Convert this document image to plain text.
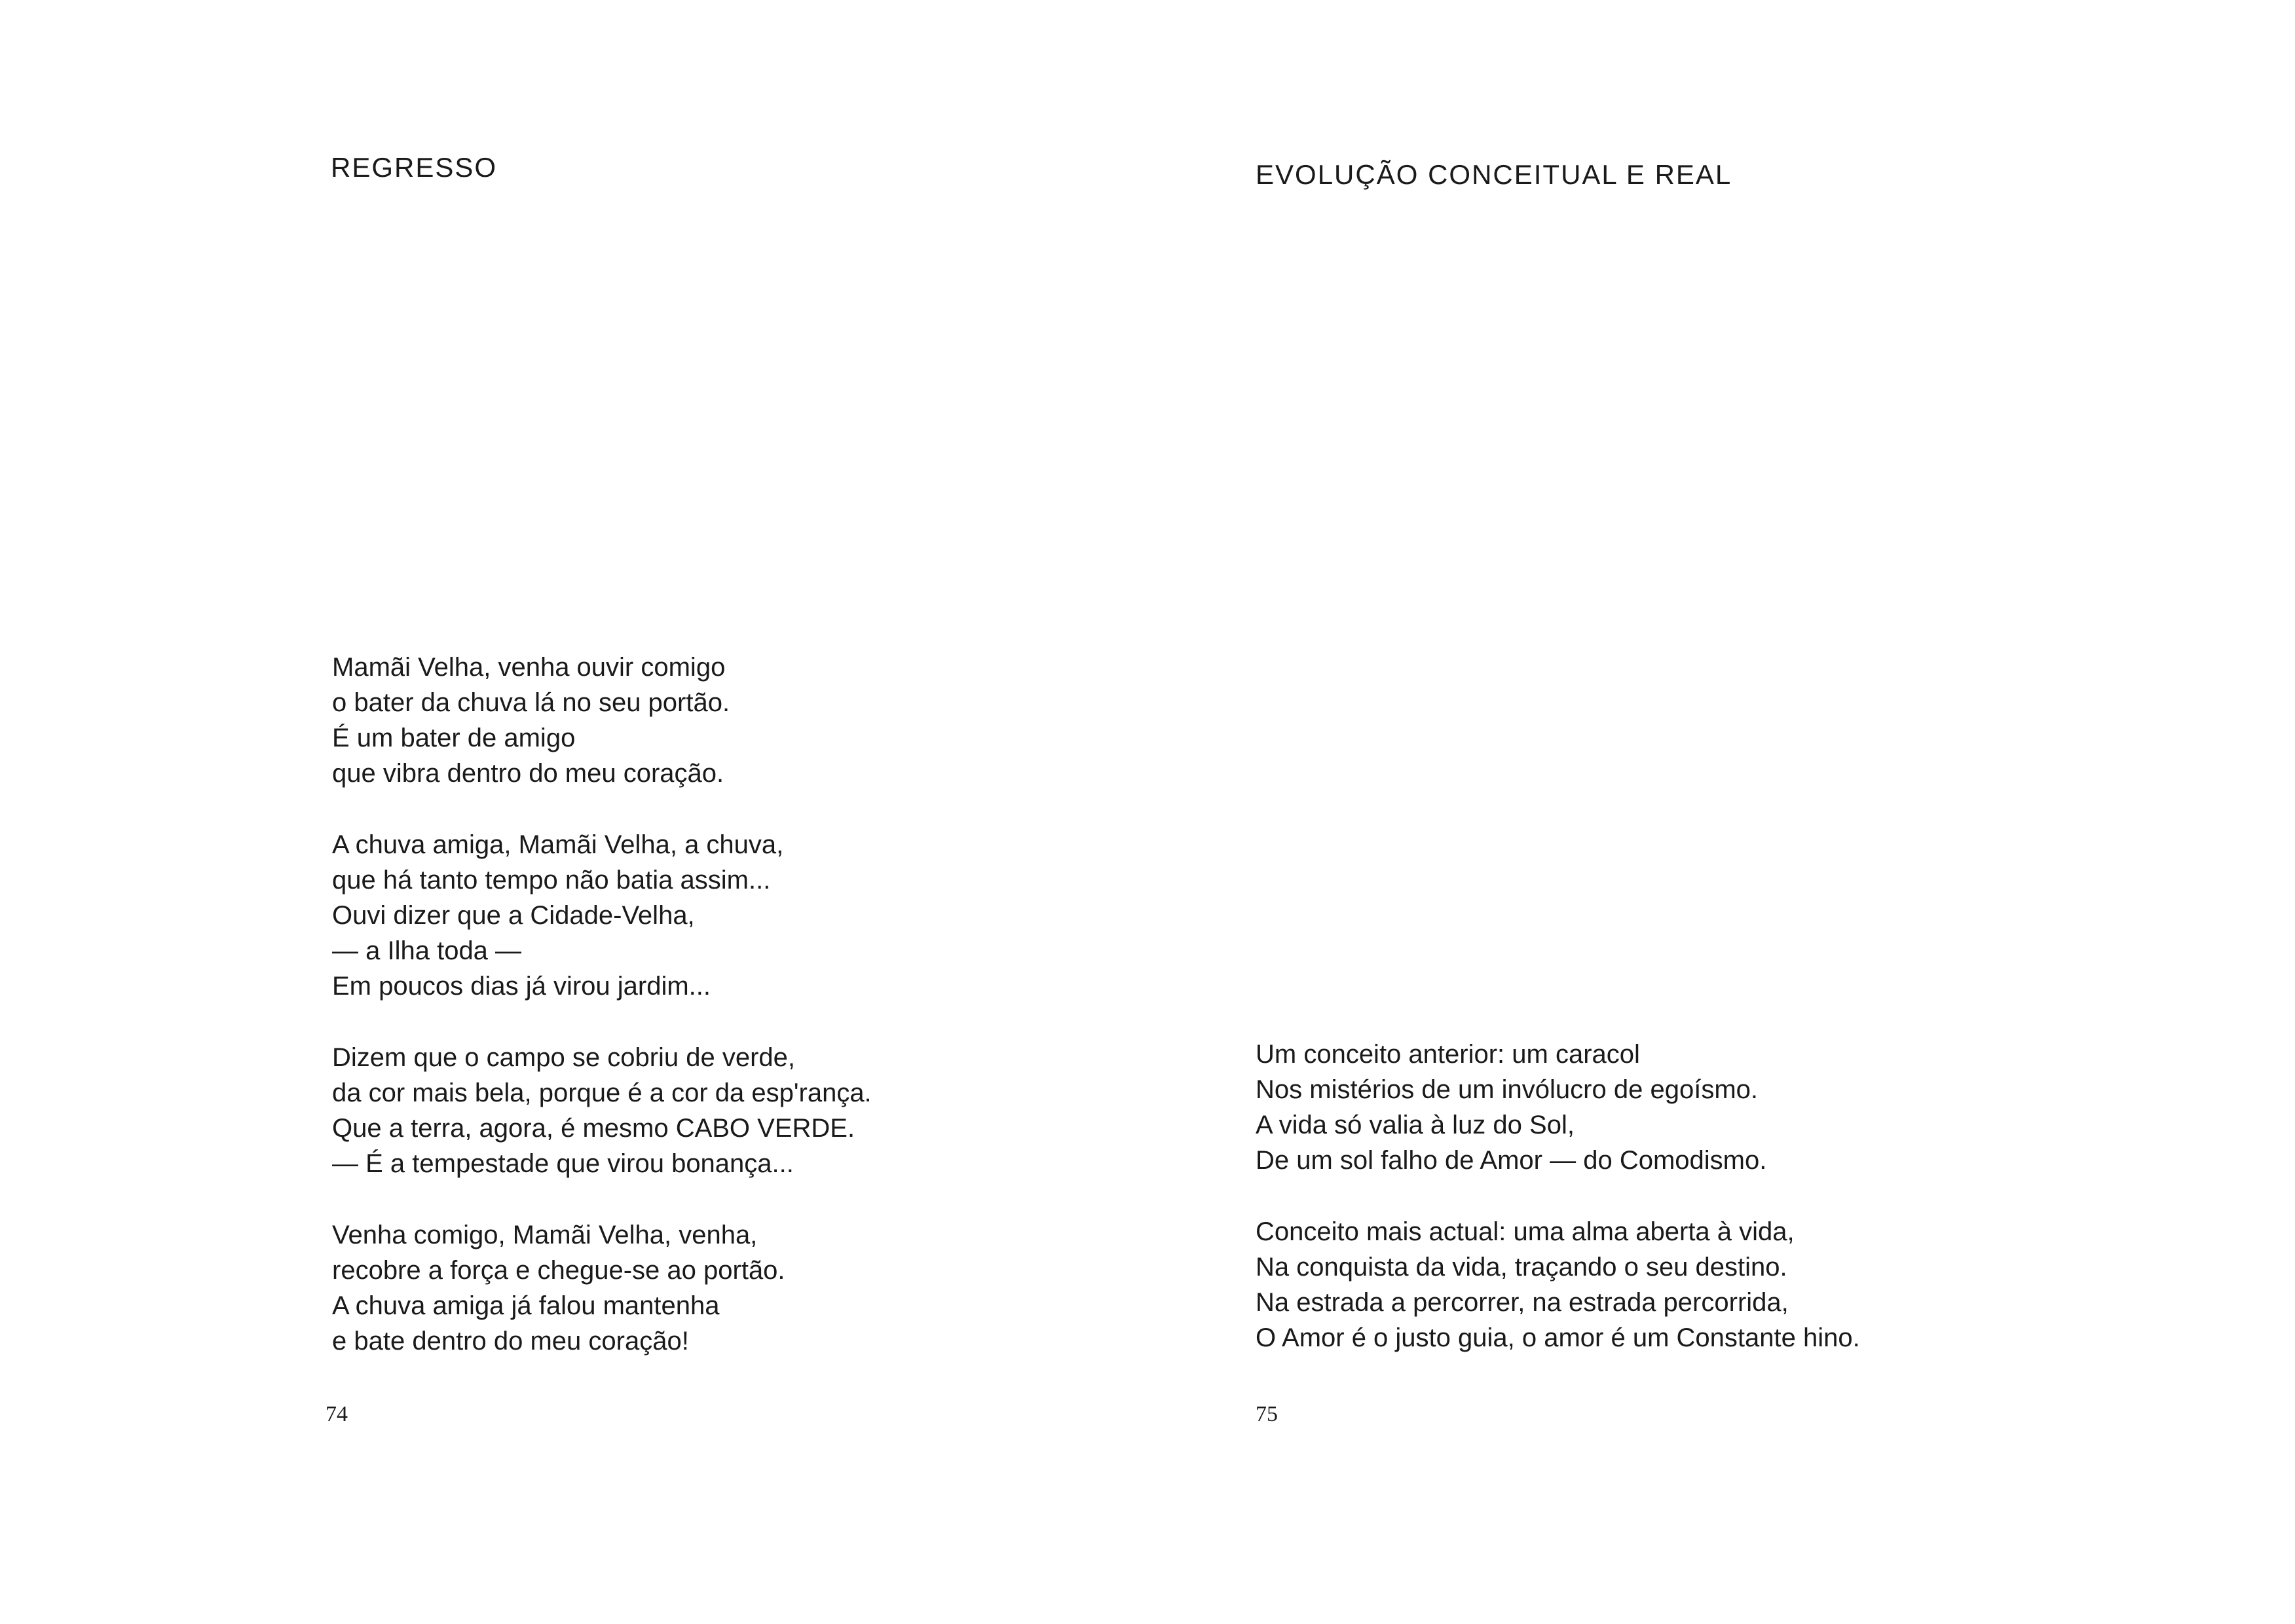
REGRESSO

Mamãi Velha, venha ouvir comigo
o bater da chuva lá no seu portão.
É um bater de amigo
que vibra dentro do meu coração.

A chuva amiga, Mamãi Velha, a chuva,
que há tanto tempo não batia assim...
Ouvi dizer que a Cidade-Velha,
— a Ilha toda —
Em poucos dias já virou jardim...

Dizem que o campo se cobriu de verde,
da cor mais bela, porque é a cor da esp'rança.
Que a terra, agora, é mesmo CABO VERDE.
— É a tempestade que virou bonança...

Venha comigo, Mamãi Velha, venha,
recobre a força e chegue-se ao portão.
A chuva amiga já falou mantenha
e bate dentro do meu coração!

74
EVOLUÇÃO CONCEITUAL E REAL

Um conceito anterior: um caracol
Nos mistérios de um invólucro de egoísmo.
A vida só valia à luz do Sol,
De um sol falho de Amor — do Comodismo.

Conceito mais actual: uma alma aberta à vida,
Na conquista da vida, traçando o seu destino.
Na estrada a percorrer, na estrada percorrida,
O Amor é o justo guia, o amor é um Constante hino.

75
